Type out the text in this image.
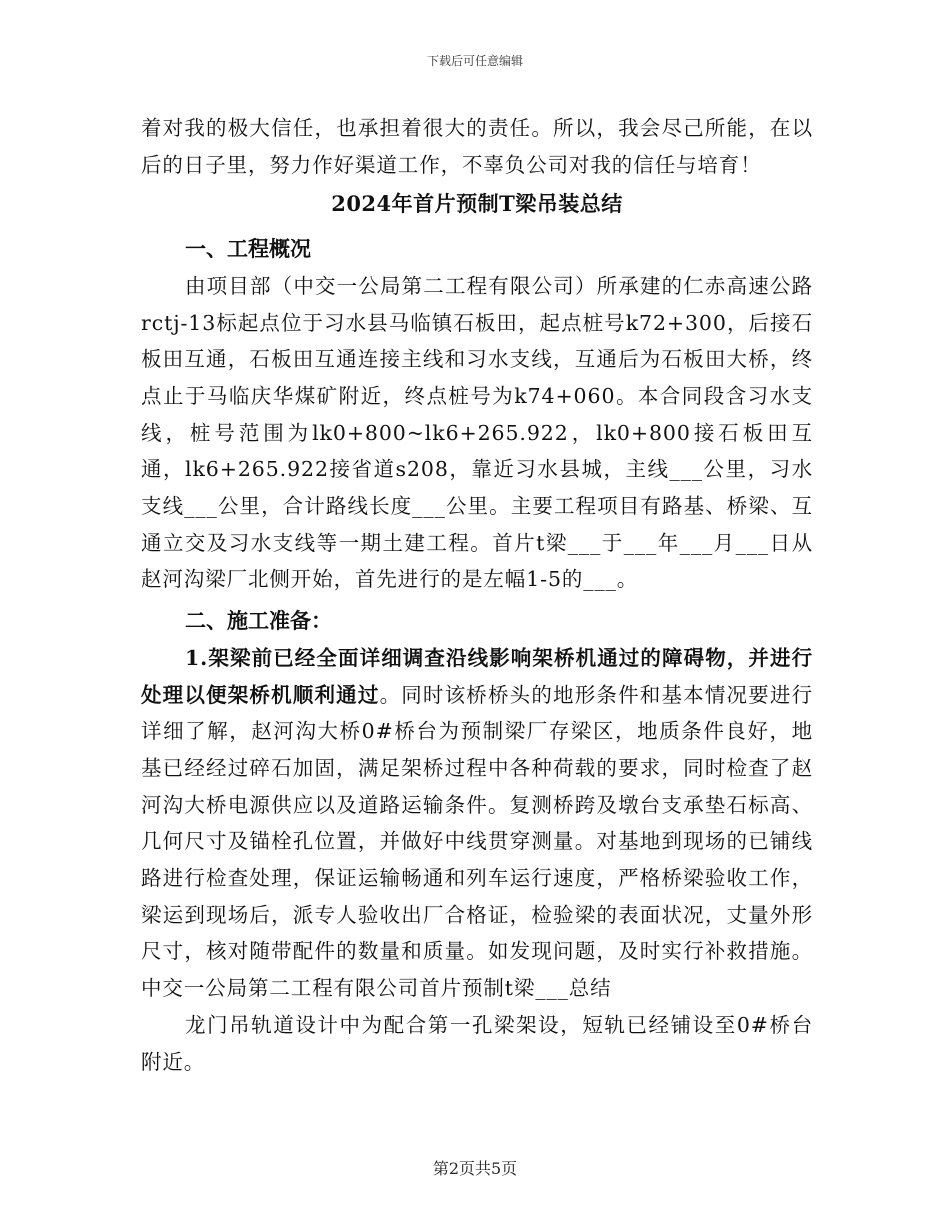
下载后可任意编辑

着对我的极大信任，也承担着很大的责任。所以，我会尽己所能，在以后的日子里，努力作好渠道工作，不辜负公司对我的信任与培育！

2024年首片预制T梁吊装总结
一、工程概况

由项目部（中交一公局第二工程有限公司）所承建的仁赤高速公路rctj-13标起点位于习水县马临镇石板田，起点桩号k72+300，后接石板田互通，石板田互通连接主线和习水支线，互通后为石板田大桥，终点止于马临庆华煤矿附近，终点桩号为k74+060。本合同段含习水支线，桩号范围为lk0+800~lk6+265.922，lk0+800接石板田互通，lk6+265.922接省道s208，靠近习水县城，主线___公里，习水支线___公里，合计路线长度___公里。主要工程项目有路基、桥梁、互通立交及习水支线等一期土建工程。首片t梁___于___年___月___日从赵河沟梁厂北侧开始，首先进行的是左幅1-5的___。

二、施工准备：

1.架梁前已经全面详细调查沿线影响架桥机通过的障碍物，并进行处理以便架桥机顺利通过。同时该桥桥头的地形条件和基本情况要进行详细了解，赵河沟大桥0#桥台为预制梁厂存梁区，地质条件良好，地基已经经过碎石加固，满足架桥过程中各种荷载的要求，同时检查了赵河沟大桥电源供应以及道路运输条件。复测桥跨及墩台支承垫石标高、几何尺寸及锚栓孔位置，并做好中线贯穿测量。对基地到现场的已铺线路进行检查处理，保证运输畅通和列车运行速度，严格桥梁验收工作，梁运到现场后，派专人验收出厂合格证，检验梁的表面状况，丈量外形尺寸，核对随带配件的数量和质量。如发现问题，及时实行补救措施。中交一公局第二工程有限公司首片预制t梁___总结

龙门吊轨道设计中为配合第一孔梁架设，短轨已经铺设至0#桥台附近。

第2页共5页
